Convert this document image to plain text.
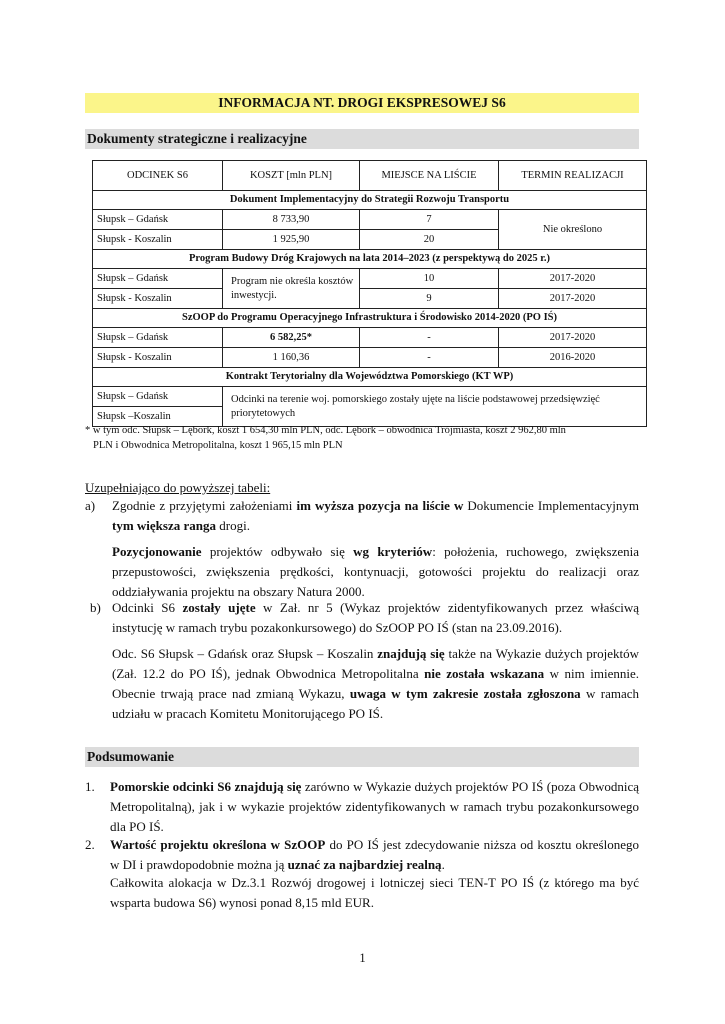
INFORMACJA NT. DROGI EKSPRESOWEJ S6
Dokumenty strategiczne i realizacyjne
ODCINEK S6	KOSZT [mln PLN]	MIEJSCE NA LIŚCIE	TERMIN REALIZACJI
Dokument Implementacyjny do Strategii Rozwoju Transportu			
Słupsk – Gdańsk	8 733,90	7	Nie określono
Słupsk - Koszalin	1 925,90	20	
Program Budowy Dróg Krajowych na lata 2014–2023 (z perspektywą do 2025 r.)			
Słupsk – Gdańsk	Program nie określa kosztów inwestycji.	10	2017-2020
Słupsk - Koszalin		9	2017-2020
SzOOP do Programu Operacyjnego Infrastruktura i Środowisko 2014-2020 (PO IŚ)			
Słupsk – Gdańsk	6 582,25*	-	2017-2020
Słupsk - Koszalin	1 160,36	-	2016-2020
Kontrakt Terytorialny dla Województwa Pomorskiego (KT WP)			
Słupsk – Gdańsk	Odcinki na terenie woj. pomorskiego zostały ujęte na liście podstawowej przedsięwzięć priorytetowych		
Słupsk –Koszalin			
* w tym odc. Słupsk – Lębork, koszt 1 654,30 mln PLN, odc. Lębork – obwodnica Trójmiasta, koszt 2 962,80 mln
PLN i Obwodnica Metropolitalna, koszt 1 965,15 mln PLN
Uzupełniająco do powyższej tabeli:
a) Zgodnie z przyjętymi założeniami im wyższa pozycja na liście w Dokumencie Implementacyjnym tym większa ranga drogi.
Pozycjonowanie projektów odbywało się wg kryteriów: położenia, ruchowego, zwiększenia przepustowości, zwiększenia prędkości, kontynuacji, gotowości projektu do realizacji oraz oddziaływania projektu na obszary Natura 2000.
b) Odcinki S6 zostały ujęte w Zał. nr 5 (Wykaz projektów zidentyfikowanych przez właściwą instytucję w ramach trybu pozakonkursowego) do SzOOP PO IŚ (stan na 23.09.2016).
Odc. S6 Słupsk – Gdańsk oraz Słupsk – Koszalin znajdują się także na Wykazie dużych projektów (Zał. 12.2 do PO IŚ), jednak Obwodnica Metropolitalna nie została wskazana w nim imiennie. Obecnie trwają prace nad zmianą Wykazu, uwaga w tym zakresie została zgłoszona w ramach udziału w pracach Komitetu Monitorującego PO IŚ.
Podsumowanie
1. Pomorskie odcinki S6 znajdują się zarówno w Wykazie dużych projektów PO IŚ (poza Obwodnicą Metropolitalną), jak i w wykazie projektów zidentyfikowanych w ramach trybu pozakonkursowego dla PO IŚ.
2. Wartość projektu określona w SzOOP do PO IŚ jest zdecydowanie niższa od kosztu określonego w DI i prawdopodobnie można ją uznać za najbardziej realną.
Całkowita alokacja w Dz.3.1 Rozwój drogowej i lotniczej sieci TEN-T PO IŚ (z którego ma być wsparta budowa S6) wynosi ponad 8,15 mld EUR.
1
